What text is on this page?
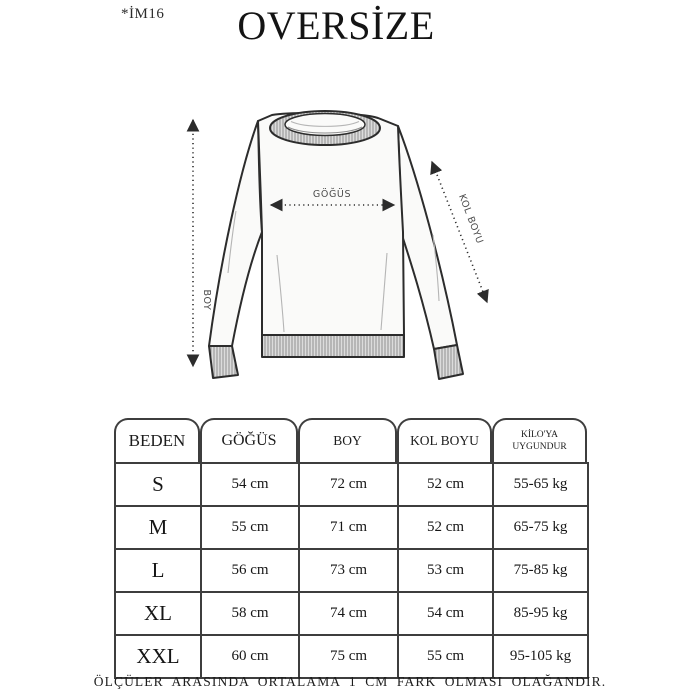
*İM16 OVERSİZE
GÖĞÜS
BOY
KOL BOYU
BEDEN	GÖĞÜS	BOY	KOL BOYU	KİLO'YA UYGUNDUR
S	54 cm	72 cm	52 cm	55-65 kg
M	55 cm	71 cm	52 cm	65-75 kg
L	56 cm	73 cm	53 cm	75-85 kg
XL	58 cm	74 cm	54 cm	85-95 kg
XXL	60 cm	75 cm	55 cm	95-105 kg
ÖLÇÜLER ARASINDA ORTALAMA 1 CM FARK OLMASI OLAĞANDIR.
